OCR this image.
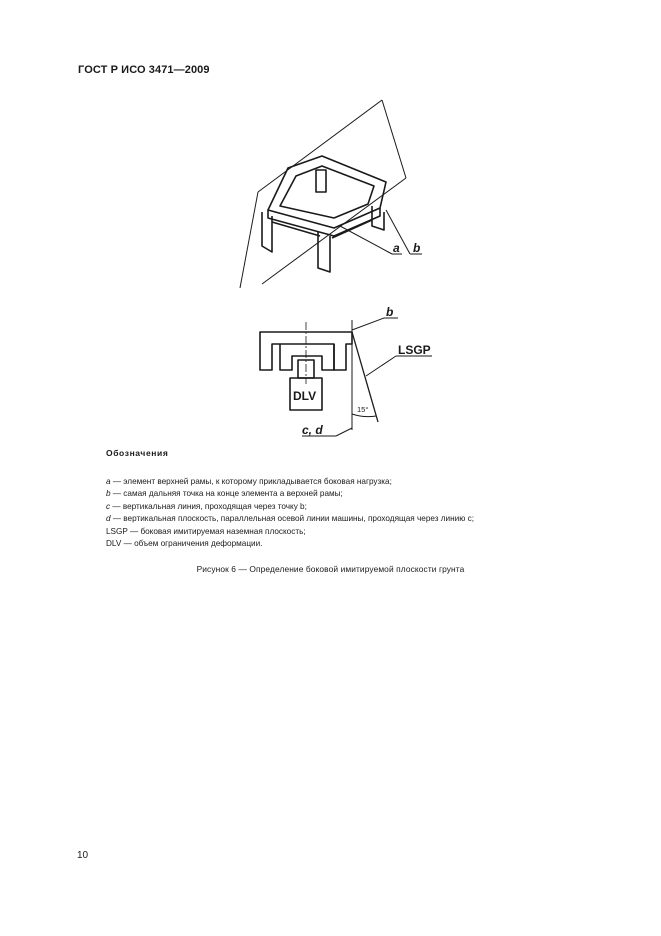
ГОСТ Р ИСО 3471—2009
a b
b
LSGP
DLV
15°
c, d
Обозначения
a — элемент верхней рамы, к которому прикладывается боковая нагрузка;
b — самая дальняя точка на конце элемента a верхней рамы;
c — вертикальная линия, проходящая через точку b;
d — вертикальная плоскость, параллельная осевой линии машины, проходящая через линию c;
LSGP — боковая имитируемая наземная плоскость;
DLV — объем ограничения деформации.
Рисунок 6 — Определение боковой имитируемой плоскости грунта
10
